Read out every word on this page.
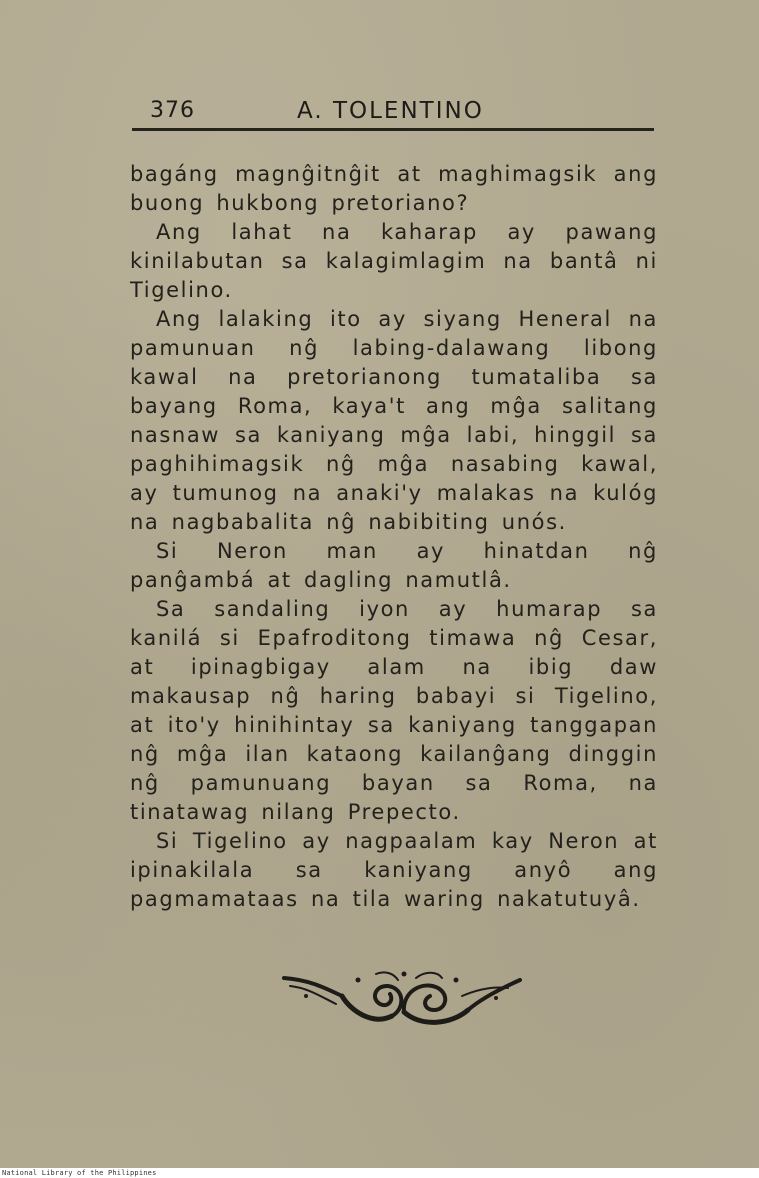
376	A. TOLENTINO

bagáng magnĝitnĝit at maghimagsik ang buong hukbong pretoriano?

Ang lahat na kaharap ay pawang kinilabutan sa kalagimlagim na bantâ ni Tigelino.

Ang lalaking ito ay siyang Heneral na pamunuan nĝ labing-dalawang libong kawal na pretorianong tumataliba sa bayang Roma, kaya't ang mĝa salitang nasnaw sa kaniyang mĝa labi, hinggil sa paghihimagsik nĝ mĝa nasabing kawal, ay tumunog na anaki'y malakas na kulóg na nagbabalita nĝ nabibiting unós.

Si Neron man ay hinatdan nĝ panĝambá at dagling namutlâ.

Sa sandaling iyon ay humarap sa kanilá si Epafroditong timawa nĝ Cesar, at ipinagbigay alam na ibig daw makausap nĝ haring babayi si Tigelino, at ito'y hinihintay sa kaniyang tanggapan nĝ mĝa ilan kataong kailanĝang dinggin nĝ pamunuang bayan sa Roma, na tinatawag nilang Prepecto.

Si Tigelino ay nagpaalam kay Neron at ipinakilala sa kaniyang anyô ang pagmamataas na tila waring nakatutuyâ.

National Library of the Philippines
